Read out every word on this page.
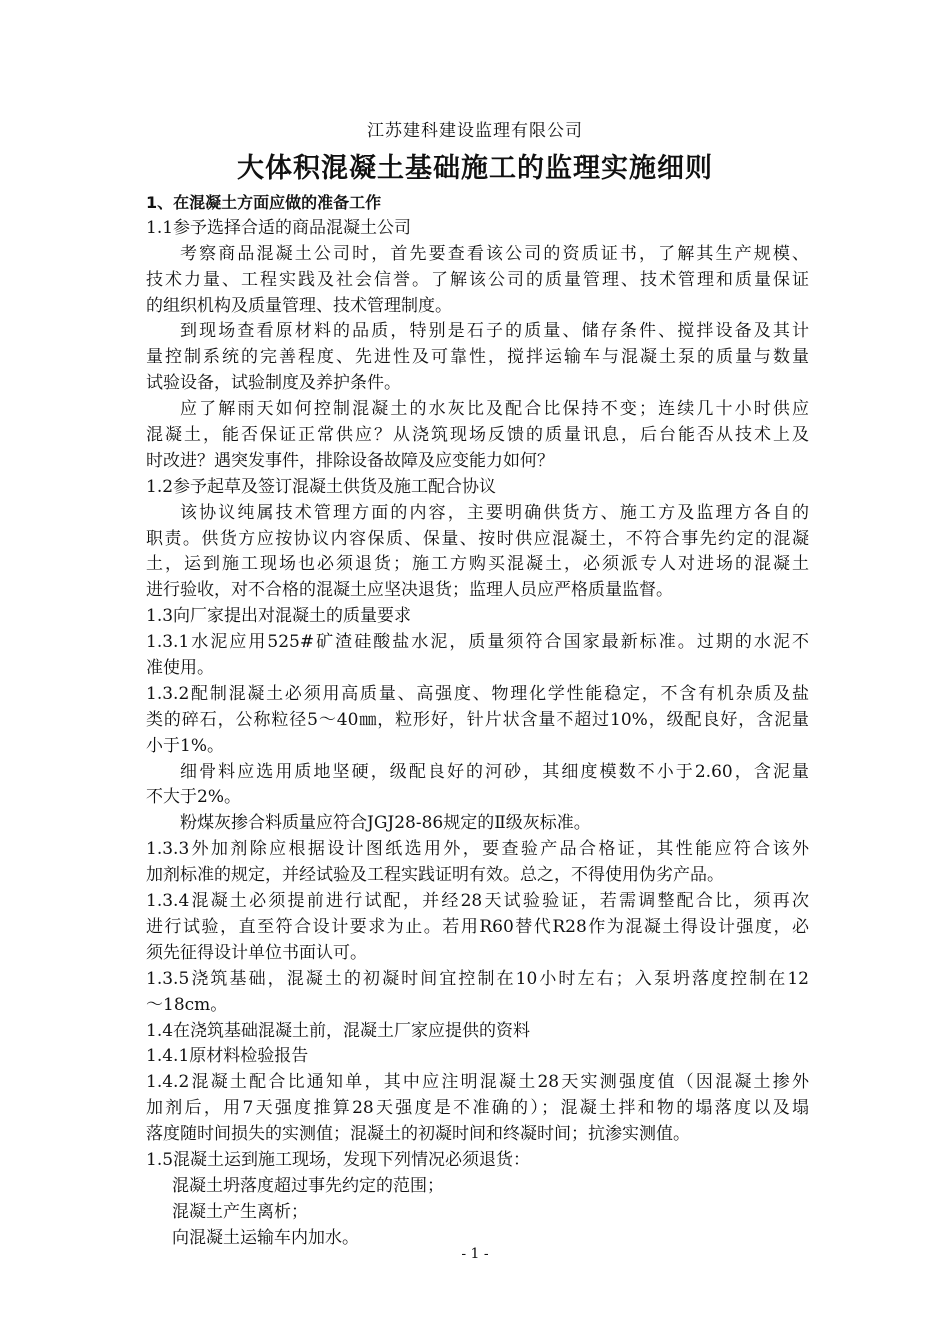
江苏建科建设监理有限公司
大体积混凝土基础施工的监理实施细则
1、在混凝土方面应做的准备工作
1.1参予选择合适的商品混凝土公司
考察商品混凝土公司时，首先要查看该公司的资质证书，了解其生产规模、
技术力量、工程实践及社会信誉。了解该公司的质量管理、技术管理和质量保证
的组织机构及质量管理、技术管理制度。
到现场查看原材料的品质，特别是石子的质量、储存条件、搅拌设备及其计
量控制系统的完善程度、先进性及可靠性，搅拌运输车与混凝土泵的质量与数量
试验设备，试验制度及养护条件。
应了解雨天如何控制混凝土的水灰比及配合比保持不变；连续几十小时供应
混凝土，能否保证正常供应？从浇筑现场反馈的质量讯息，后台能否从技术上及
时改进？遇突发事件，排除设备故障及应变能力如何？
1.2参予起草及签订混凝土供货及施工配合协议
该协议纯属技术管理方面的内容，主要明确供货方、施工方及监理方各自的
职责。供货方应按协议内容保质、保量、按时供应混凝土，不符合事先约定的混凝
土，运到施工现场也必须退货；施工方购买混凝土，必须派专人对进场的混凝土
进行验收，对不合格的混凝土应坚决退货；监理人员应严格质量监督。
1.3向厂家提出对混凝土的质量要求
1.3.1水泥应用525#矿渣硅酸盐水泥，质量须符合国家最新标准。过期的水泥不
准使用。
1.3.2配制混凝土必须用高质量、高强度、物理化学性能稳定，不含有机杂质及盐
类的碎石，公称粒径5～40㎜，粒形好，针片状含量不超过10%，级配良好，含泥量
小于1%。
细骨料应选用质地坚硬，级配良好的河砂，其细度模数不小于2.60，含泥量
不大于2%。
粉煤灰掺合料质量应符合JGJ28-86规定的Ⅱ级灰标准。
1.3.3外加剂除应根据设计图纸选用外，要查验产品合格证，其性能应符合该外
加剂标准的规定，并经试验及工程实践证明有效。总之，不得使用伪劣产品。
1.3.4混凝土必须提前进行试配，并经28天试验验证，若需调整配合比，须再次
进行试验，直至符合设计要求为止。若用R60替代R28作为混凝土得设计强度，必
须先征得设计单位书面认可。
1.3.5浇筑基础，混凝土的初凝时间宜控制在10小时左右；入泵坍落度控制在12
～18cm。
1.4在浇筑基础混凝土前，混凝土厂家应提供的资料
1.4.1原材料检验报告
1.4.2混凝土配合比通知单，其中应注明混凝土28天实测强度值（因混凝土掺外
加剂后，用7天强度推算28天强度是不准确的）；混凝土拌和物的塌落度以及塌
落度随时间损失的实测值；混凝土的初凝时间和终凝时间；抗渗实测值。
1.5混凝土运到施工现场，发现下列情况必须退货：
混凝土坍落度超过事先约定的范围；
混凝土产生离析；
向混凝土运输车内加水。
- 1 -
